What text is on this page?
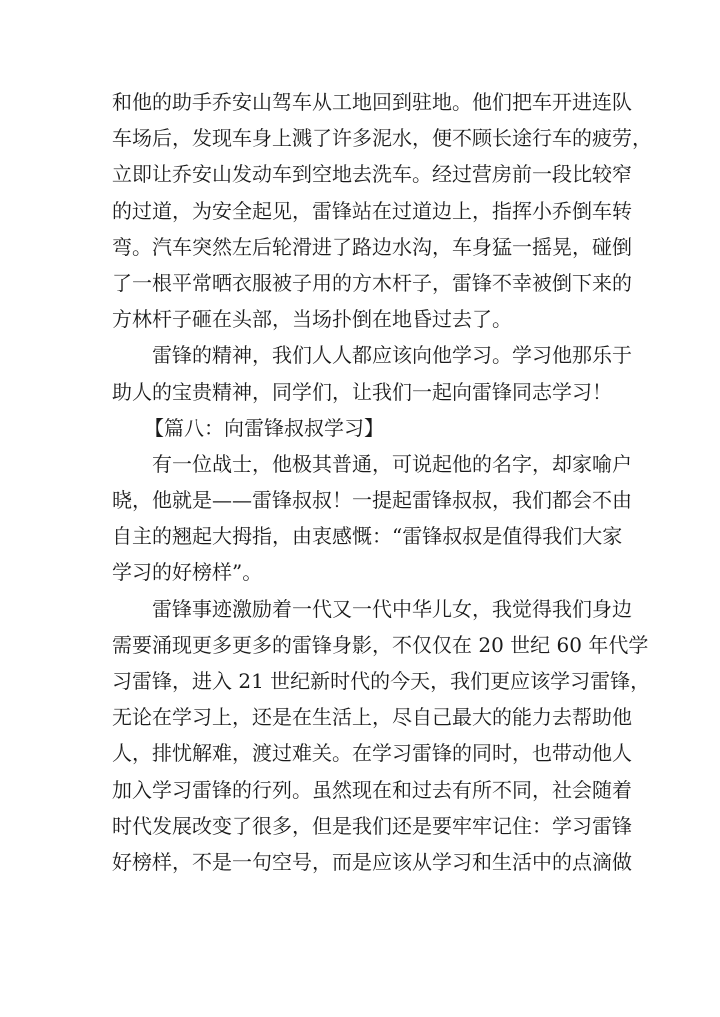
和他的助手乔安山驾车从工地回到驻地。他们把车开进连队
车场后，发现车身上溅了许多泥水，便不顾长途行车的疲劳，
立即让乔安山发动车到空地去洗车。经过营房前一段比较窄
的过道，为安全起见，雷锋站在过道边上，指挥小乔倒车转
弯。汽车突然左后轮滑进了路边水沟，车身猛一摇晃，碰倒
了一根平常晒衣服被子用的方木杆子，雷锋不幸被倒下来的
方林杆子砸在头部，当场扑倒在地昏过去了。
雷锋的精神，我们人人都应该向他学习。学习他那乐于
助人的宝贵精神，同学们，让我们一起向雷锋同志学习！
【篇八：向雷锋叔叔学习】
有一位战士，他极其普通，可说起他的名字，却家喻户
晓，他就是——雷锋叔叔！一提起雷锋叔叔，我们都会不由
自主的翘起大拇指，由衷感慨：“雷锋叔叔是值得我们大家
学习的好榜样”。
雷锋事迹激励着一代又一代中华儿女，我觉得我们身边
需要涌现更多更多的雷锋身影，不仅仅在 20 世纪 60 年代学
习雷锋，进入 21 世纪新时代的今天，我们更应该学习雷锋，
无论在学习上，还是在生活上，尽自己最大的能力去帮助他
人，排忧解难，渡过难关。在学习雷锋的同时，也带动他人
加入学习雷锋的行列。虽然现在和过去有所不同，社会随着
时代发展改变了很多，但是我们还是要牢牢记住：学习雷锋
好榜样，不是一句空号，而是应该从学习和生活中的点滴做
